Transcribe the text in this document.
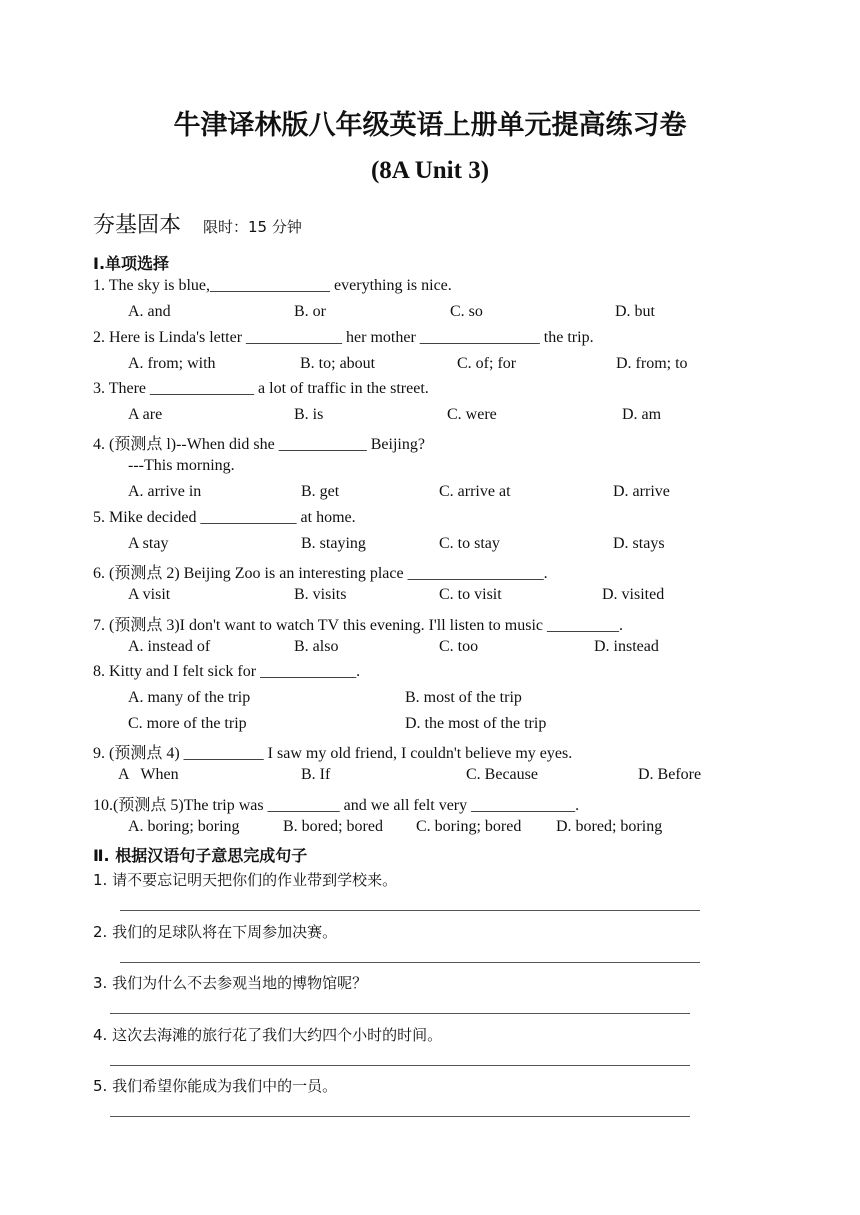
牛津译林版八年级英语上册单元提高练习卷
(8A Unit 3)
夯基固本 限时：15 分钟
I.单项选择
1. The sky is blue,_______________ everything is nice.
A. and	B. or	C. so	D. but
2. Here is Linda's letter ____________ her mother _______________ the trip.
A. from; with	B. to; about	C. of; for	D. from; to
3. There _____________ a lot of traffic in the street.
A are	B. is	C. were	D. am
4. (预测点 l)--When did she ___________ Beijing?
---This morning.
A. arrive in	B. get	C. arrive at	D. arrive
5. Mike decided ____________ at home.
A stay	B. staying	C. to stay	D. stays
6. (预测点 2) Beijing Zoo is an interesting place _________________.
A visit	B. visits	C. to visit	D. visited
7. (预测点 3)I don't want to watch TV this evening. I'll listen to music _________.
A. instead of	B. also	C. too	D. instead
8. Kitty and I felt sick for ____________.
A. many of the trip	B. most of the trip
C. more of the trip	D. the most of the trip
9. (预测点 4) __________ I saw my old friend, I couldn't believe my eyes.
A   When	B. If	C. Because	D. Before
10.(预测点 5)The trip was _________ and we all felt very _____________.
A. boring; boring	B. bored; bored C. boring; bored D. bored; boring
Ⅱ. 根据汉语句子意思完成句子
1. 请不要忘记明天把你们的作业带到学校来。
2. 我们的足球队将在下周参加决赛。
3. 我们为什么不去参观当地的博物馆呢？
4. 这次去海滩的旅行花了我们大约四个小时的时间。
5. 我们希望你能成为我们中的一员。
